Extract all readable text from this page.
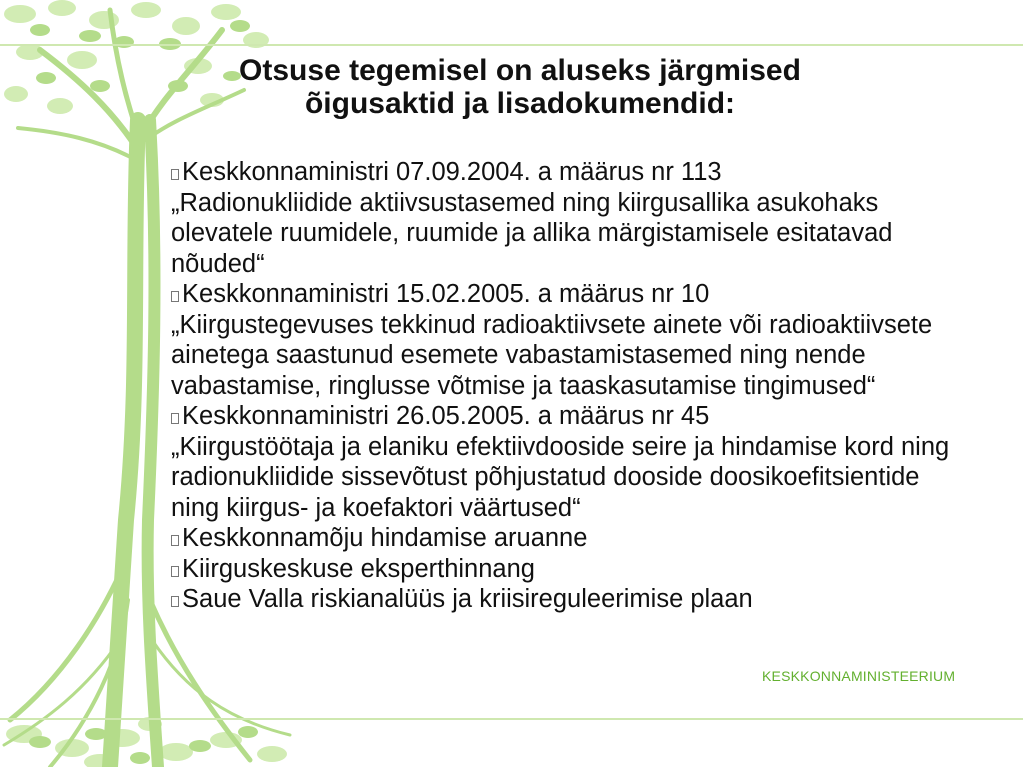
Otsuse tegemisel on aluseks järgmised õigusaktid ja lisadokumendid:
Keskkonnaministri 07.09.2004. a määrus nr 113
„Radionukliidide aktiivsustasemed ning kiirgusallika asukohaks olevatele ruumidele, ruumide ja allika märgistamisele esitatavad nõuded“
Keskkonnaministri 15.02.2005. a määrus nr 10
„Kiirgustegevuses tekkinud radioaktiivsete ainete või radioaktiivsete ainetega saastunud esemete vabastamistasemed ning nende vabastamise, ringlusse võtmise ja taaskasutamise tingimused“
Keskkonnaministri 26.05.2005. a määrus nr 45
„Kiirgustöötaja ja elaniku efektiivdooside seire ja hindamise kord ning radionukliidide sissevõtust põhjustatud dooside doosikoefitsientide ning kiirgus- ja koefaktori väärtused“
Keskkonnamõju hindamise aruanne
Kiirguskeskuse eksperthinnang
Saue Valla riskianalüüs ja kriisireguleerimise plaan
KESKKONNAMINISTEERIUM
